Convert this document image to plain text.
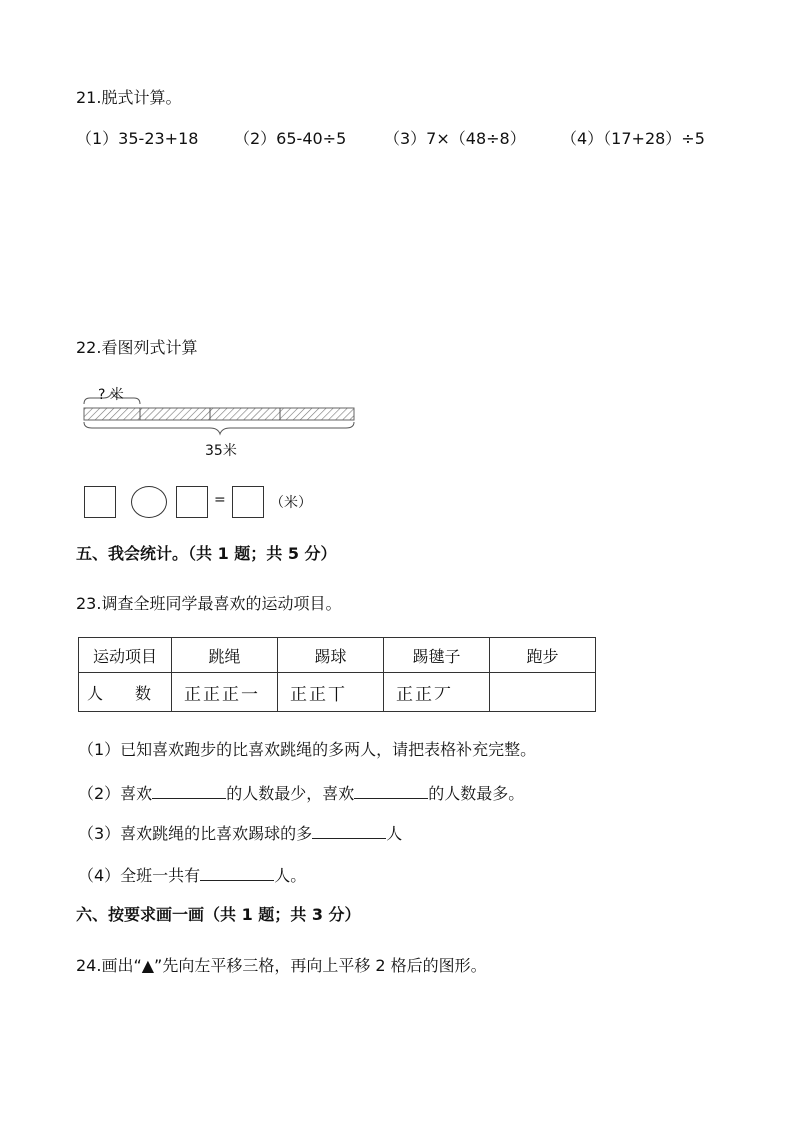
21.脱式计算。
（1）35-23+18 （2）65-40÷5 （3）7×（48÷8） （4）（17+28）÷5
22.看图列式计算
? 米
35米
=	（米）
五、我会统计。（共 1 题；共 5 分）
23.调查全班同学最喜欢的运动项目。
运动项目	跳绳	踢球	踢毽子	跑步
人　　数	正正正一	正正丅	正正丆	
（1）已知喜欢跑步的比喜欢跳绳的多两人，请把表格补充完整。
（2）喜欢	的人数最少，喜欢	的人数最多。
（3）喜欢跳绳的比喜欢踢球的多	人
（4）全班一共有	人。
六、按要求画一画（共 1 题；共 3 分）
24.画出“▲”先向左平移三格，再向上平移 2 格后的图形。
